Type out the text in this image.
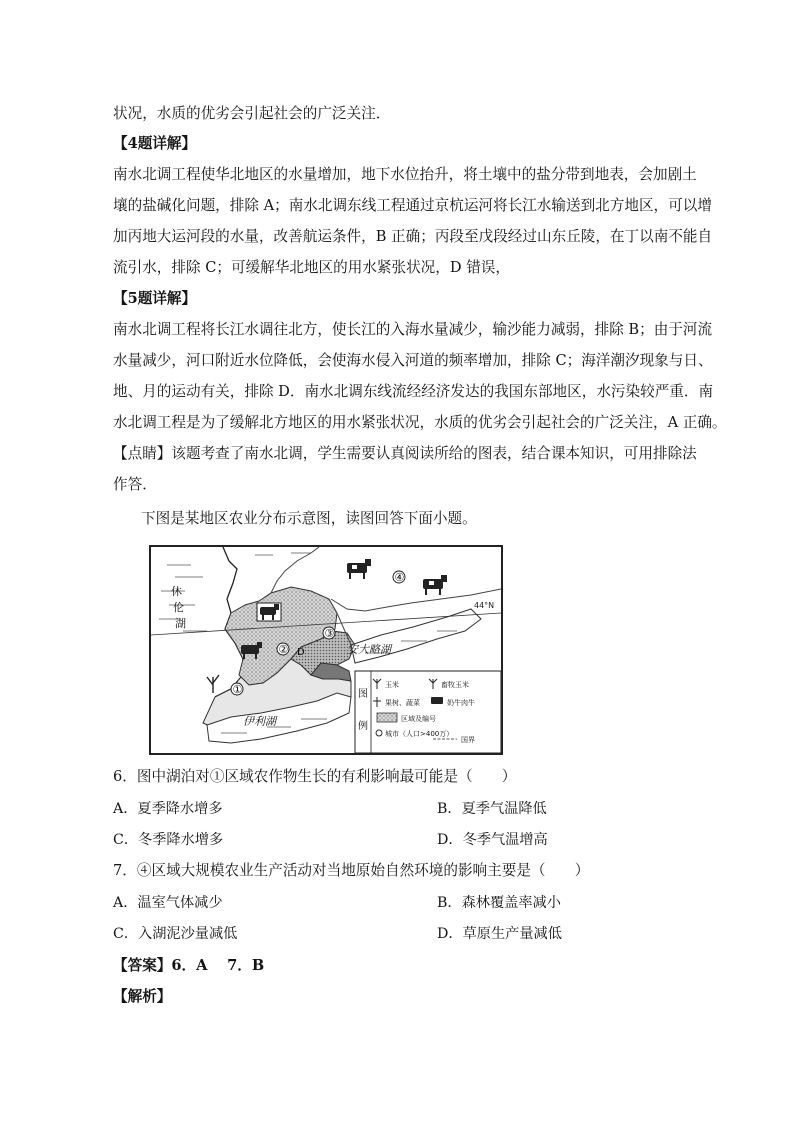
状况，水质的优劣会引起社会的广泛关注．
【4题详解】
南水北调工程使华北地区的水量增加，地下水位抬升，将土壤中的盐分带到地表，会加剧土
壤的盐碱化问题，排除 A；南水北调东线工程通过京杭运河将长江水输送到北方地区，可以增
加丙地大运河段的水量，改善航运条件，B 正确；丙段至戊段经过山东丘陵，在丁以南不能自
流引水，排除 C；可缓解华北地区的用水紧张状况，D 错误，
【5题详解】
南水北调工程将长江水调往北方，使长江的入海水量减少，输沙能力减弱，排除 B；由于河流
水量减少，河口附近水位降低，会使海水侵入河道的频率增加，排除 C；海洋潮汐现象与日、
地、月的运动有关，排除 D．南水北调东线流经经济发达的我国东部地区，水污染较严重．南
水北调工程是为了缓解北方地区的用水紧张状况，水质的优劣会引起社会的广泛关注，A 正确。
【点睛】该题考查了南水北调，学生需要认真阅读所给的图表，结合课本知识，可用排除法
作答．
下图是某地区农业分布示意图，读图回答下面小题。
44°N
休
伦
湖
安大略湖
伊利湖
①
②
③
④
D
图
例
玉米	畜牧玉米
果树、蔬菜	奶牛肉牛
区域及编号
城市（人口>400万）
国界
6．图中湖泊对①区域农作物生长的有利影响最可能是（　　）
A．夏季降水增多	B．夏季气温降低
C．冬季降水增多	D．冬季气温增高
7．④区域大规模农业生产活动对当地原始自然环境的影响主要是（　　）
A．温室气体减少	B．森林覆盖率减小
C．入湖泥沙量减低	D．草原生产量减低
【答案】6．A　 7．B
【解析】
